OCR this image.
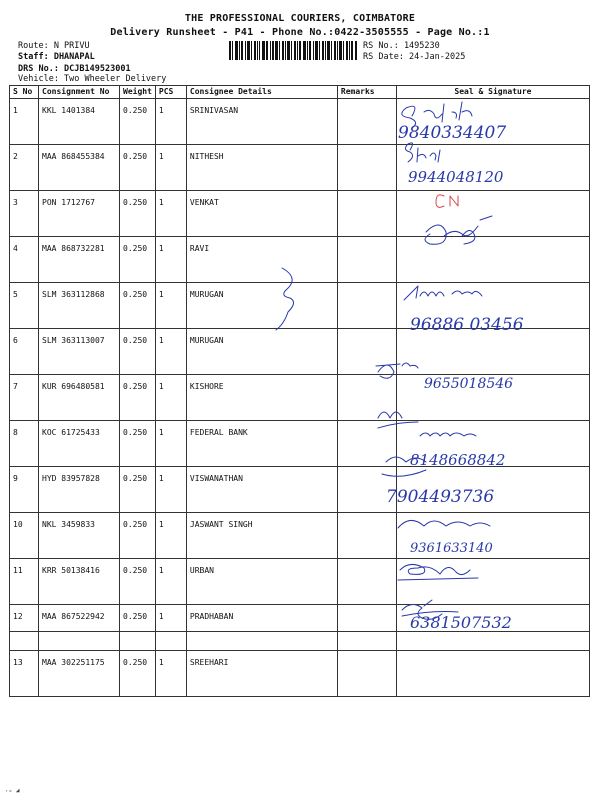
THE PROFESSIONAL COURIERS, COIMBATORE
Delivery Runsheet - P41 - Phone No.:0422-3505555 - Page No.:1
Route: N PRIVU
Staff: DHANAPAL
DRS No.: DCJB149523001
Vehicle: Two Wheeler Delivery
RS No.: 1495230
RS Date: 24-Jan-2025
S No	Consignment No	Weight	PCS	Consignee Details	Remarks	Seal & Signature
1	KKL 1401384	0.250	1	SRINIVASAN		
2	MAA 868455384	0.250	1	NITHESH		
3	PON 1712767	0.250	1	VENKAT		
4	MAA 868732281	0.250	1	RAVI		
5	SLM 363112868	0.250	1	MURUGAN		
6	SLM 363113007	0.250	1	MURUGAN		
7	KUR 696480581	0.250	1	KISHORE		
8	KOC 61725433	0.250	1	FEDERAL BANK		
9	HYD 83957828	0.250	1	VISWANATHAN		
10	NKL 3459833	0.250	1	JASWANT SINGH		
11	KRR 50138416	0.250	1	URBAN		
12	MAA 867522942	0.250	1	PRADHABAN		
13	MAA 302251175	0.250	1	SREEHARI		
9840334407
9944048120
96886 03456
9655018546
8148668842
7904493736
9361633140
6381507532
ᵣₒ ◢
